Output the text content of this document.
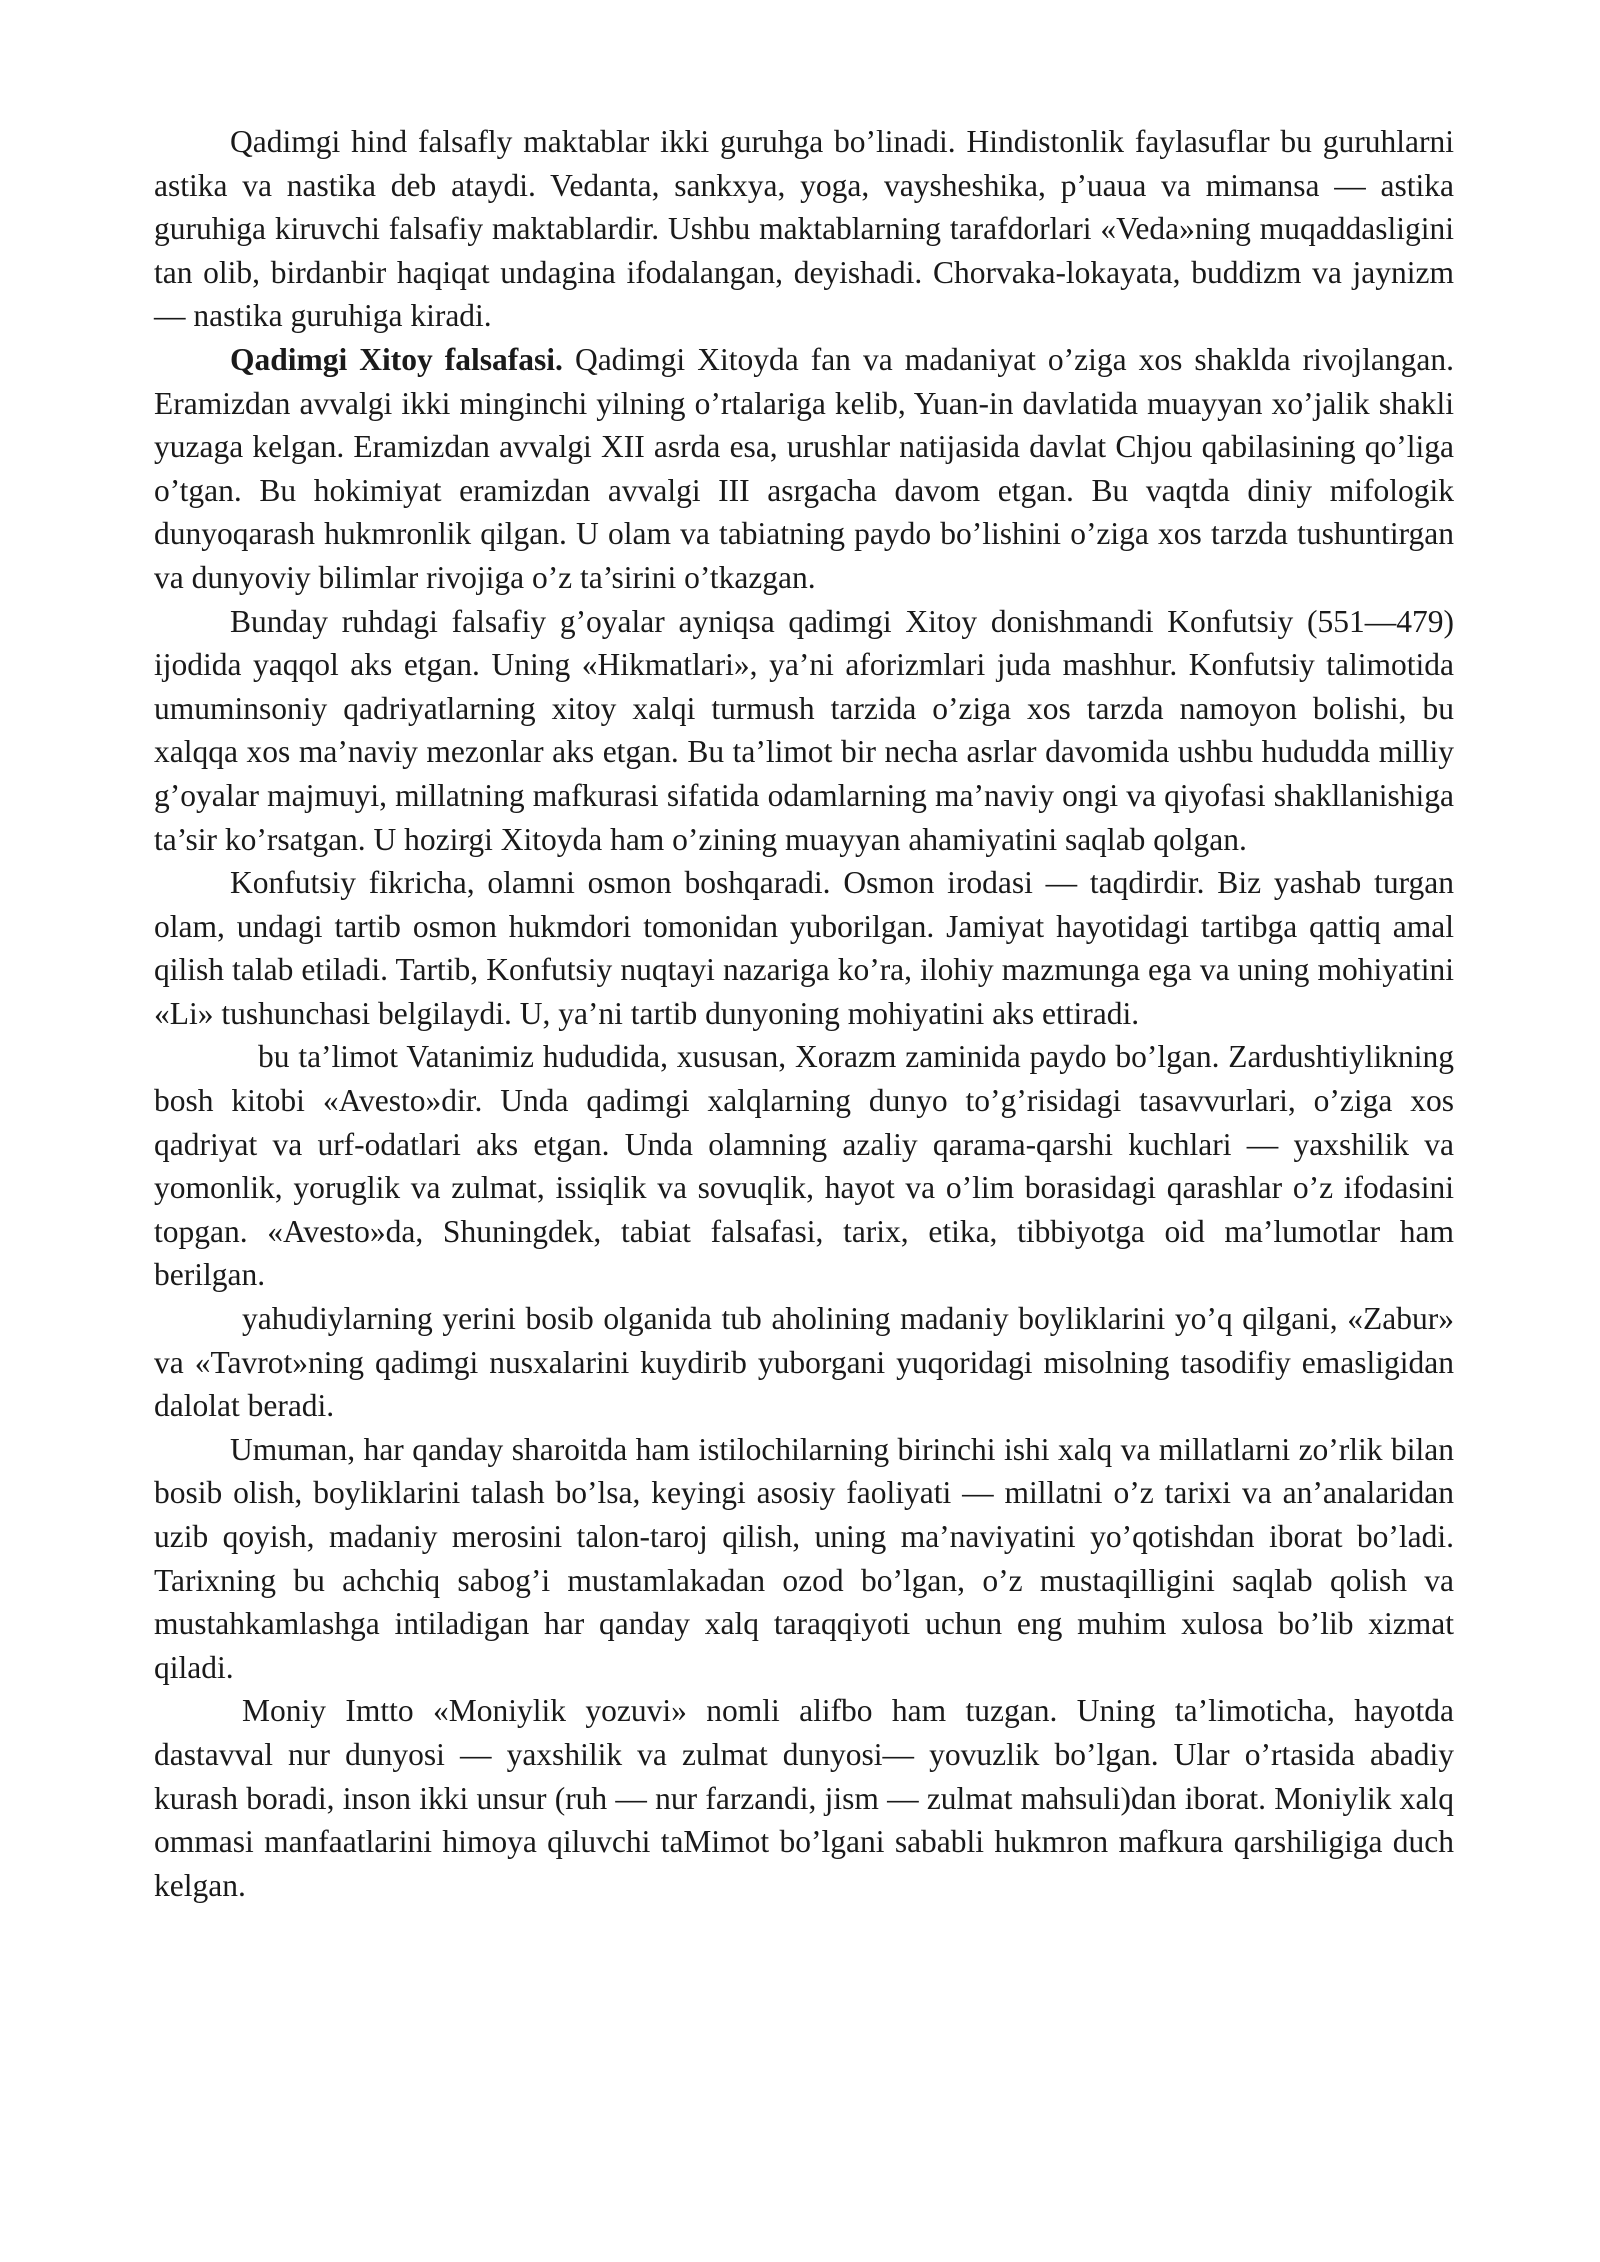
Qadimgi hind falsafly maktablar ikki guruhga bo’linadi. Hindistonlik faylasuflar bu guruhlarni astika va nastika deb ataydi. Vedanta, sankxya, yoga, vaysheshika, p’uaua va mimansa — astika guruhiga kiruvchi falsafiy maktablardir. Ushbu maktablarning tarafdorlari «Veda»ning muqaddasligini tan olib, birdanbir haqiqat undagina ifodalangan, deyishadi. Chorvaka-lokayata, buddizm va jaynizm — nastika guruhiga kiradi.

Qadimgi Xitoy falsafasi. Qadimgi Xitoyda fan va madaniyat o’ziga xos shaklda rivojlangan. Eramizdan avvalgi ikki minginchi yilning o’rtalariga kelib, Yuan-in davlatida muayyan xo’jalik shakli yuzaga kelgan. Eramizdan avvalgi XII asrda esa, urushlar natijasida davlat Chjou qabilasining qo’liga o’tgan. Bu hokimiyat eramizdan avvalgi III asrgacha davom etgan. Bu vaqtda diniy mifologik dunyoqarash hukmronlik qilgan. U olam va tabiatning paydo bo’lishini o’ziga xos tarzda tushuntirgan va dunyoviy bilimlar rivojiga o’z ta’sirini o’tkazgan.

Bunday ruhdagi falsafiy g’oyalar ayniqsa qadimgi Xitoy donishmandi Konfutsiy (551—479) ijodida yaqqol aks etgan. Uning «Hikmatlari», ya’ni aforizmlari juda mashhur. Konfutsiy talimotida umuminsoniy qadriyatlarning xitoy xalqi turmush tarzida o’ziga xos tarzda namoyon bolishi, bu xalqqa xos ma’naviy mezonlar aks etgan. Bu ta’limot bir necha asrlar davomida ushbu hududda milliy g’oyalar majmuyi, millatning mafkurasi sifatida odamlarning ma’naviy ongi va qiyofasi shakllanishiga ta’sir ko’rsatgan. U hozirgi Xitoyda ham o’zining muayyan ahamiyatini saqlab qolgan.

Konfutsiy fikricha, olamni osmon boshqaradi. Osmon irodasi — taqdirdir. Biz yashab turgan olam, undagi tartib osmon hukmdori tomonidan yuborilgan. Jamiyat hayotidagi tartibga qattiq amal qilish talab etiladi. Tartib, Konfutsiy nuqtayi nazariga ko’ra, ilohiy mazmunga ega va uning mohiyatini «Li» tushunchasi belgilaydi. U, ya’ni tartib dunyoning mohiyatini aks ettiradi.

bu ta’limot Vatanimiz hududida, xususan, Xorazm zaminida paydo bo’lgan. Zardushtiylikning bosh kitobi «Avesto»dir. Unda qadimgi xalqlarning dunyo to’g’risidagi tasavvurlari, o’ziga xos qadriyat va urf-odatlari aks etgan. Unda olamning azaliy qarama-qarshi kuchlari — yaxshilik va yomonlik, yoruglik va zulmat, issiqlik va sovuqlik, hayot va o’lim borasidagi qarashlar o’z ifodasini topgan. «Avesto»da, Shuningdek, tabiat falsafasi, tarix, etika, tibbiyotga oid ma’lumotlar ham berilgan.

yahudiylarning yerini bosib olganida tub aholining madaniy boyliklarini yo’q qilgani, «Zabur» va «Tavrot»ning qadimgi nusxalarini kuydirib yuborgani yuqoridagi misolning tasodifiy emasligidan dalolat beradi.

Umuman, har qanday sharoitda ham istilochilarning birinchi ishi xalq va millatlarni zo’rlik bilan bosib olish, boyliklarini talash bo’lsa, keyingi asosiy faoliyati — millatni o’z tarixi va an’analaridan uzib qoyish, madaniy merosini talon-taroj qilish, uning ma’naviyatini yo’qotishdan iborat bo’ladi. Tarixning bu achchiq sabog’i mustamlakadan ozod bo’lgan, o’z mustaqilligini saqlab qolish va mustahkamlashga intiladigan har qanday xalq taraqqiyoti uchun eng muhim xulosa bo’lib xizmat qiladi.

Moniy Imtto «Moniylik yozuvi» nomli alifbo ham tuzgan. Uning ta’limoticha, hayotda dastavval nur dunyosi — yaxshilik va zulmat dunyosi— yovuzlik bo’lgan. Ular o’rtasida abadiy kurash boradi, inson ikki unsur (ruh — nur farzandi, jism — zulmat mahsuli)dan iborat. Moniylik xalq ommasi manfaatlarini himoya qiluvchi taMimot bo’lgani sababli hukmron mafkura qarshiligiga duch kelgan.
